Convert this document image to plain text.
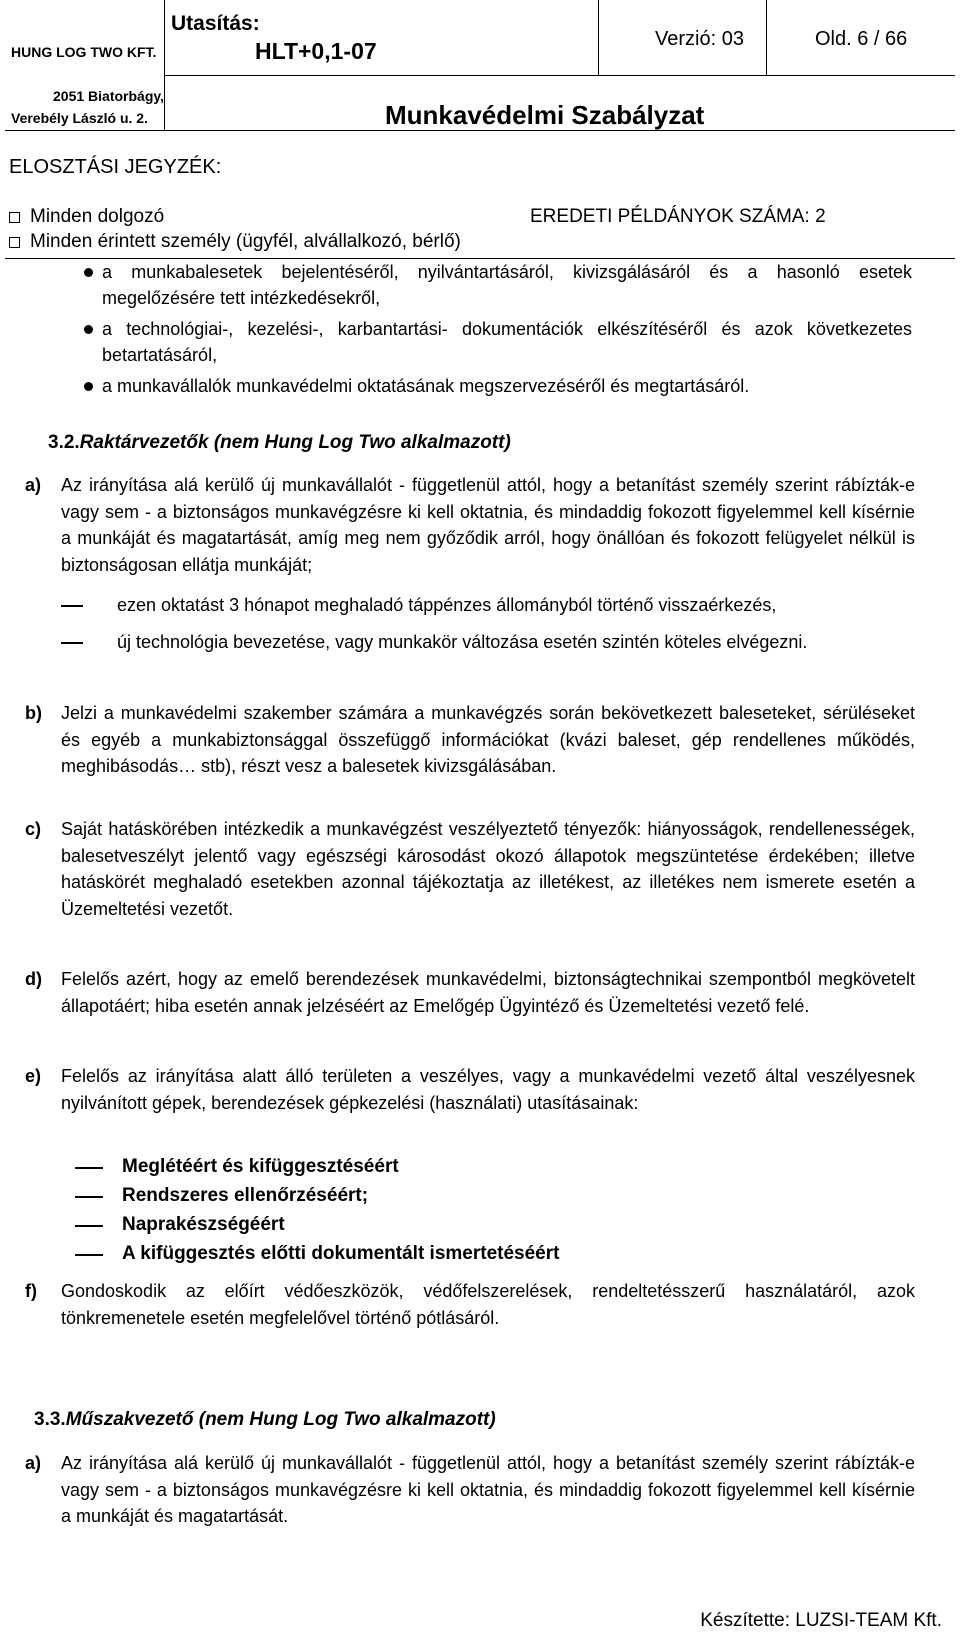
HUNG LOG TWO KFT.
2051 Biatorbágy,
Verebély László u. 2.
Utasítás:
HLT+0,1-07	Verzió: 03	Old. 6 / 66
Munkavédelmi Szabályzat
ELOSZTÁSI JEGYZÉK:
Minden dolgozó	EREDETI PÉLDÁNYOK SZÁMA: 2
Minden érintett személy (ügyfél, alvállalkozó, bérlő)
a munkabalesetek bejelentéséről, nyilvántartásáról, kivizsgálásáról és a hasonló esetek megelőzésére tett intézkedésekről,
a technológiai-, kezelési-, karbantartási- dokumentációk elkészítéséről és azok következetes betartatásáról,
a munkavállalók munkavédelmi oktatásának megszervezéséről és megtartásáról.
3.2.Raktárvezetők (nem Hung Log Two alkalmazott)
a) Az irányítása alá kerülő új munkavállalót - függetlenül attól, hogy a betanítást személy szerint rábízták-e vagy sem - a biztonságos munkavégzésre ki kell oktatnia, és mindaddig fokozott figyelemmel kell kísérnie a munkáját és magatartását, amíg meg nem győződik arról, hogy önállóan és fokozott felügyelet nélkül is biztonságosan ellátja munkáját;
ezen oktatást 3 hónapot meghaladó táppénzes állományból történő visszaérkezés,
új technológia bevezetése, vagy munkakör változása esetén szintén köteles elvégezni.
b) Jelzi a munkavédelmi szakember számára a munkavégzés során bekövetkezett baleseteket, sérüléseket és egyéb a munkabiztonsággal összefüggő információkat (kvázi baleset, gép rendellenes működés, meghibásodás… stb), részt vesz a balesetek kivizsgálásában.
c) Saját hatáskörében intézkedik a munkavégzést veszélyeztető tényezők: hiányosságok, rendellenességek, balesetveszélyt jelentő vagy egészségi károsodást okozó állapotok megszüntetése érdekében; illetve hatáskörét meghaladó esetekben azonnal tájékoztatja az illetékest, az illetékes nem ismerete esetén a Üzemeltetési vezetőt.
d) Felelős azért, hogy az emelő berendezések munkavédelmi, biztonságtechnikai szempontból megkövetelt állapotáért; hiba esetén annak jelzéséért az Emelőgép Ügyintéző és Üzemeltetési vezető felé.
e) Felelős az irányítása alatt álló területen a veszélyes, vagy a munkavédelmi vezető által veszélyesnek nyilvánított gépek, berendezések gépkezelési (használati) utasításainak:
Meglétéért és kifüggesztéséért
Rendszeres ellenőrzéséért;
Naprakészségéért
A kifüggesztés előtti dokumentált ismertetéséért
f) Gondoskodik az előírt védőeszközök, védőfelszerelések, rendeltetésszerű használatáról, azok tönkremenetele esetén megfelelővel történő pótlásáról.
3.3.Műszakvezető (nem Hung Log Two alkalmazott)
a) Az irányítása alá kerülő új munkavállalót - függetlenül attól, hogy a betanítást személy szerint rábízták-e vagy sem - a biztonságos munkavégzésre ki kell oktatnia, és mindaddig fokozott figyelemmel kell kísérnie a munkáját és magatartását.
Készítette: LUZSI-TEAM Kft.
